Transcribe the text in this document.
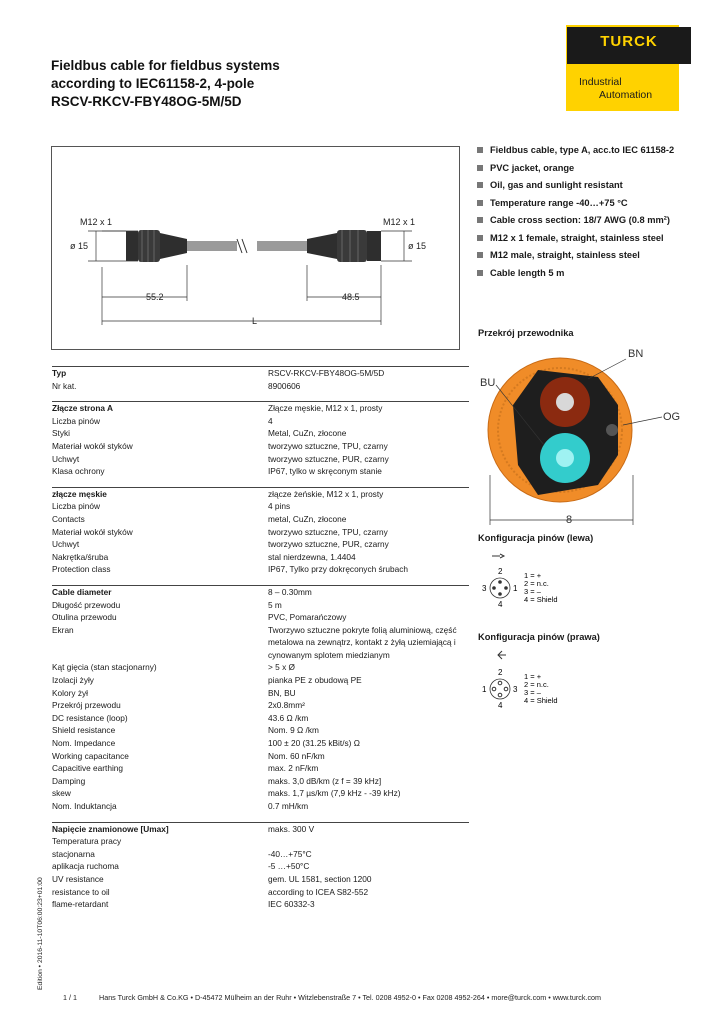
Fieldbus cable for fieldbus systems
according to IEC61158-2, 4-pole
RSCV-RKCV-FBY48OG-5M/5D
TURCK
Industrial
Automation
M12 x 1	M12 x 1
ø 15	ø 15
55.2	48.5
L
Fieldbus cable, type A, acc.to IEC 61158-2
PVC jacket, orange
Oil, gas and sunlight resistant
Temperature range -40…+75 °C
Cable cross section: 18/7 AWG (0.8 mm²)
M12 x 1 female, straight, stainless steel
M12 male, straight, stainless steel
Cable length 5 m
Przekrój przewodnika
BN
BU
OG
8
Konfiguracja pinów (lewa)
2
3	1
4
1 = +
2 = n.c.
3 = –
4 = Shield
Konfiguracja pinów (prawa)
2
1	3
4
1 = +
2 = n.c.
3 = –
4 = Shield
Typ	RSCV-RKCV-FBY48OG-5M/5D
Nr kat.	8900606
Złącze strona A	Złącze męskie, M12 x 1, prosty
Liczba pinów	4
Styki	Metal, CuZn, złocone
Materiał wokół styków	tworzywo sztuczne, TPU, czarny
Uchwyt	tworzywo sztuczne, PUR, czarny
Klasa ochrony	IP67, tylko w skręconym stanie
złącze męskie	złącze żeńskie, M12 x 1, prosty
Liczba pinów	4 pins
Contacts	metal, CuZn, złocone
Materiał wokół styków	tworzywo sztuczne, TPU, czarny
Uchwyt	tworzywo sztuczne, PUR, czarny
Nakrętka/śruba	stal nierdzewna, 1.4404
Protection class	IP67, Tylko przy dokręconych śrubach
Cable diameter	8 – 0.30mm
Długość przewodu	5 m
Otulina przewodu	PVC, Pomarańczowy
Ekran	Tworzywo sztuczne pokryte folią aluminiową, część metalowa na zewnątrz, kontakt z żyłą uziemiającą i cynowanym splotem miedzianym
Kąt gięcia (stan stacjonarny)	> 5 x Ø
Izolacji żyły	pianka PE z obudową PE
Kolory żył	BN, BU
Przekrój przewodu	2x0.8mm²
DC resistance (loop)	43.6 Ω /km
Shield resistance	Nom. 9 Ω /km
Nom. Impedance	100 ± 20 (31.25 kBit/s) Ω
Working capacitance	Nom. 60 nF/km
Capacitive earthing	max. 2 nF/km
Damping	maks. 3,0 dB/km (z f = 39 kHz]
skew	maks. 1,7 µs/km (7,9 kHz - -39 kHz)
Nom. Induktancja	0.7 mH/km
Napięcie znamionowe [Umax]	maks. 300 V
Temperatura pracy
stacjonarna	-40…+75°C
aplikacja ruchoma	-5 …+50°C
UV resistance	gem. UL 1581, section 1200
resistance to oil	according to ICEA S82-552
flame-retardant	IEC 60332-3
1 / 1	Hans Turck GmbH & Co.KG • D-45472 Mülheim an der Ruhr • Witzlebenstraße 7 • Tel. 0208 4952-0 • Fax 0208 4952-264 • more@turck.com • www.turck.com
Edition • 2016-11-10T06:00:23+01:00
